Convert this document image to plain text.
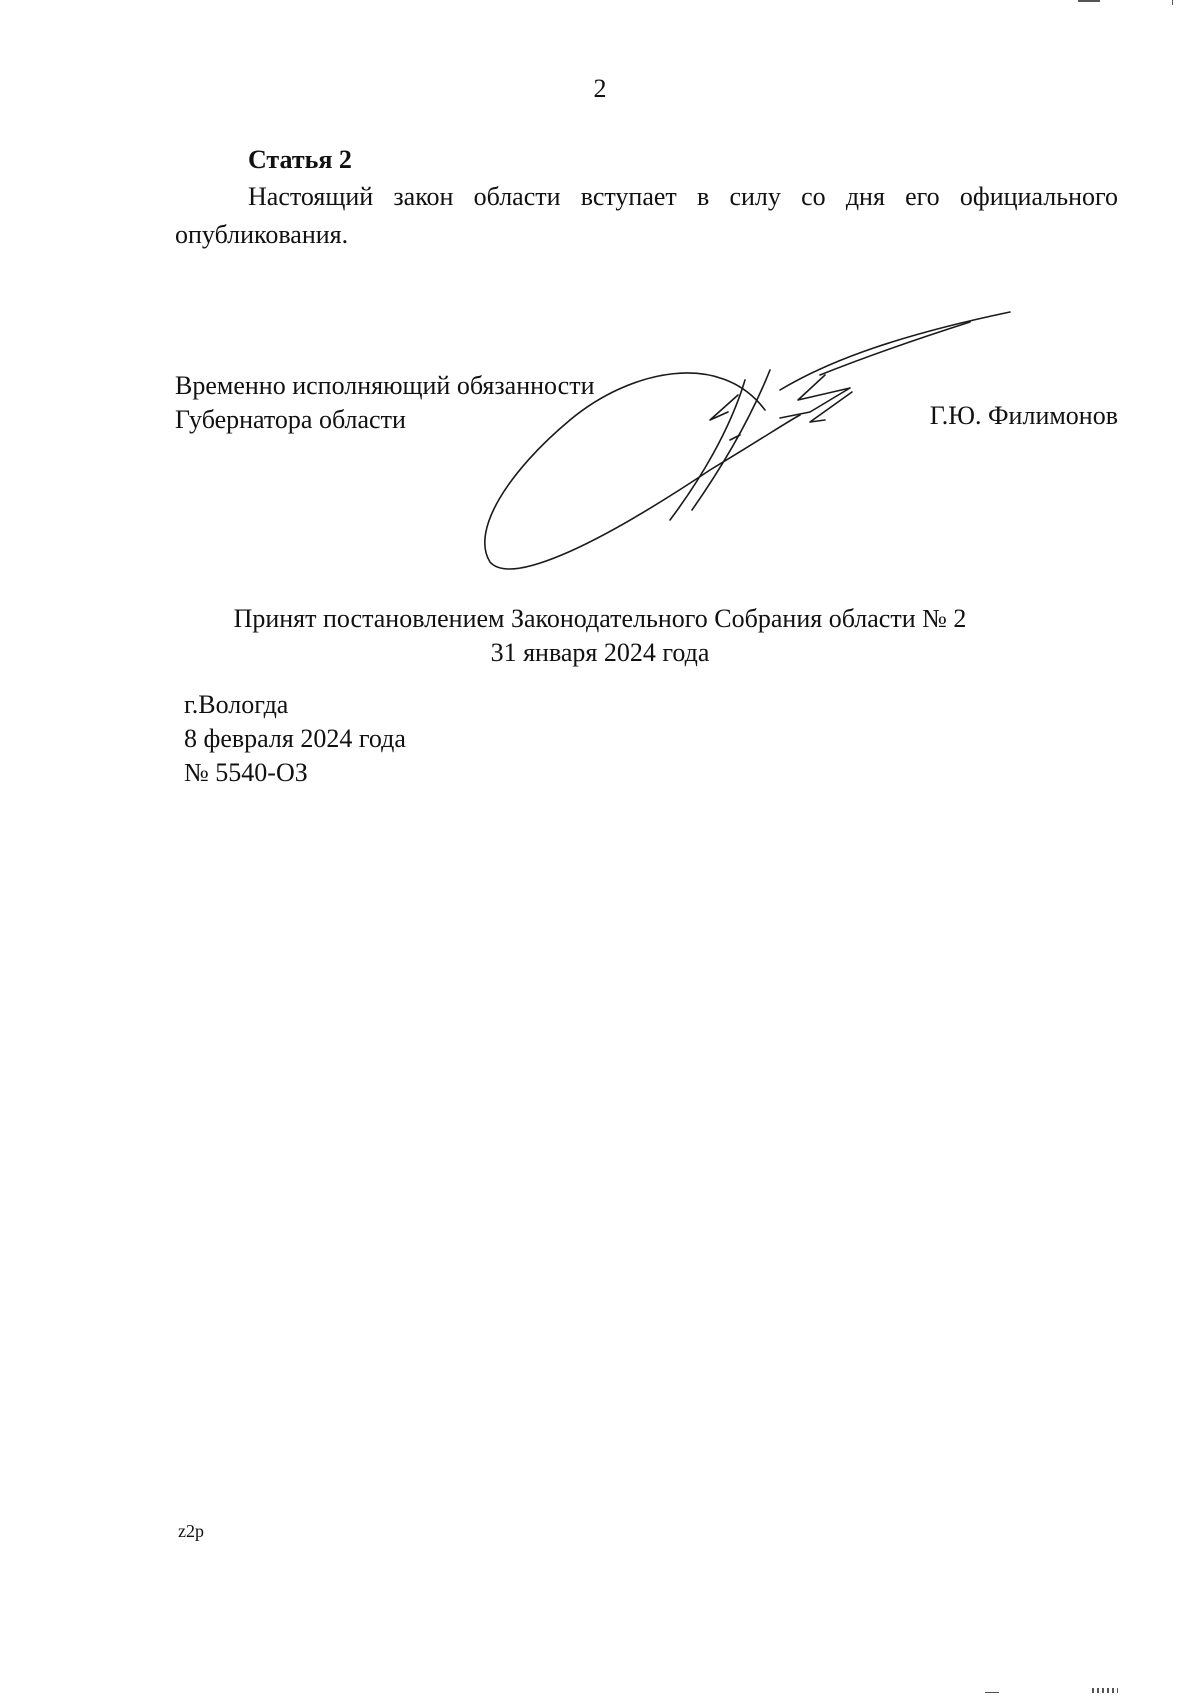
2
Статья 2
Настоящий закон области вступает в силу со дня его официального
опубликования.
Временно исполняющий обязанности
Губернатора области	Г.Ю. Филимонов
Принят постановлением Законодательного Собрания области № 2
31 января 2024 года
г.Вологда
8 февраля 2024 года
№ 5540-ОЗ
z2p
